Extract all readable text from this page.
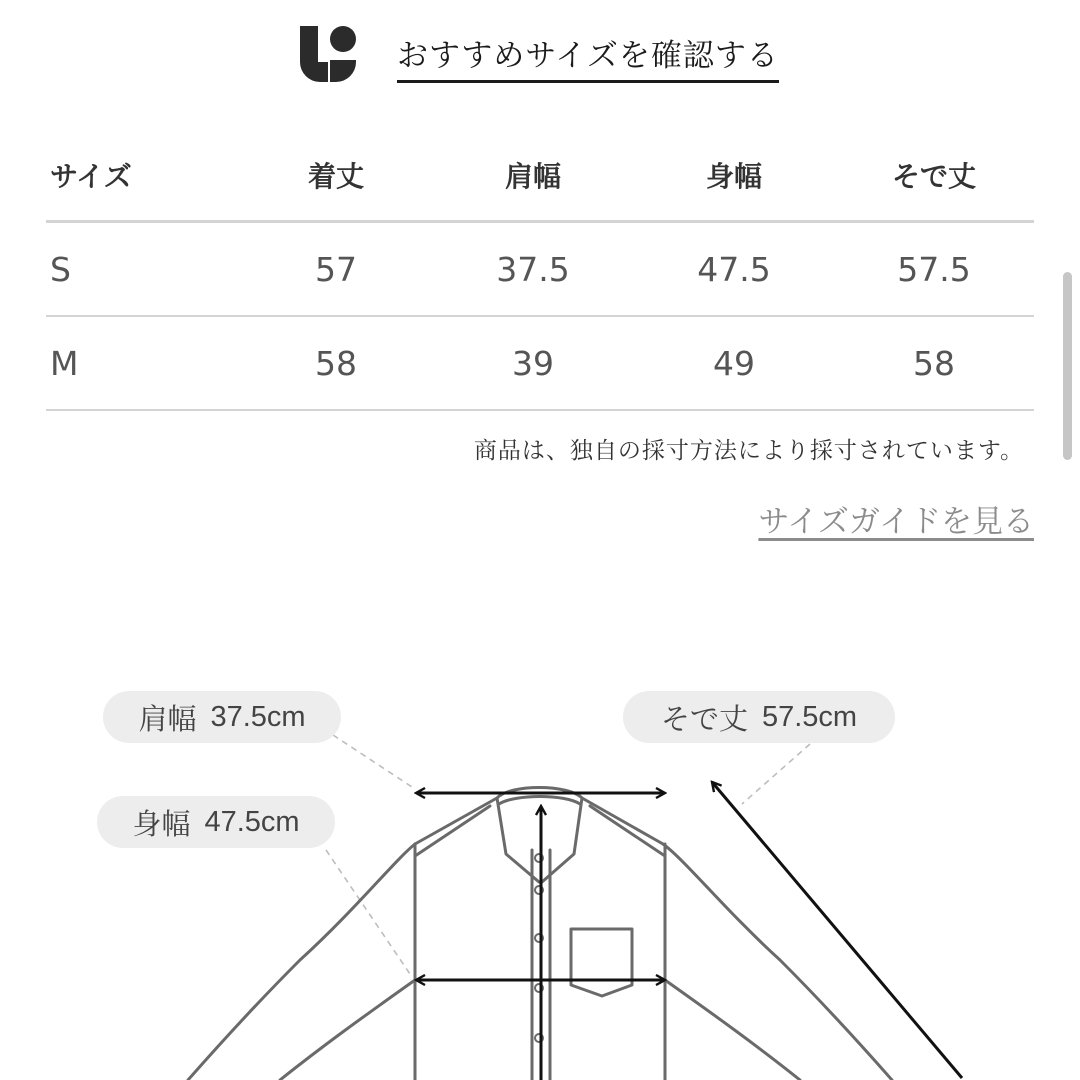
おすすめサイズを確認する
サイズ	着丈	肩幅	身幅	そで丈
S	57	37.5	47.5	57.5
M	58	39	49	58
商品は、独自の採寸方法により採寸されています。
サイズガイドを見る
肩幅 37.5cm	そで丈 57.5cm
身幅 47.5cm
